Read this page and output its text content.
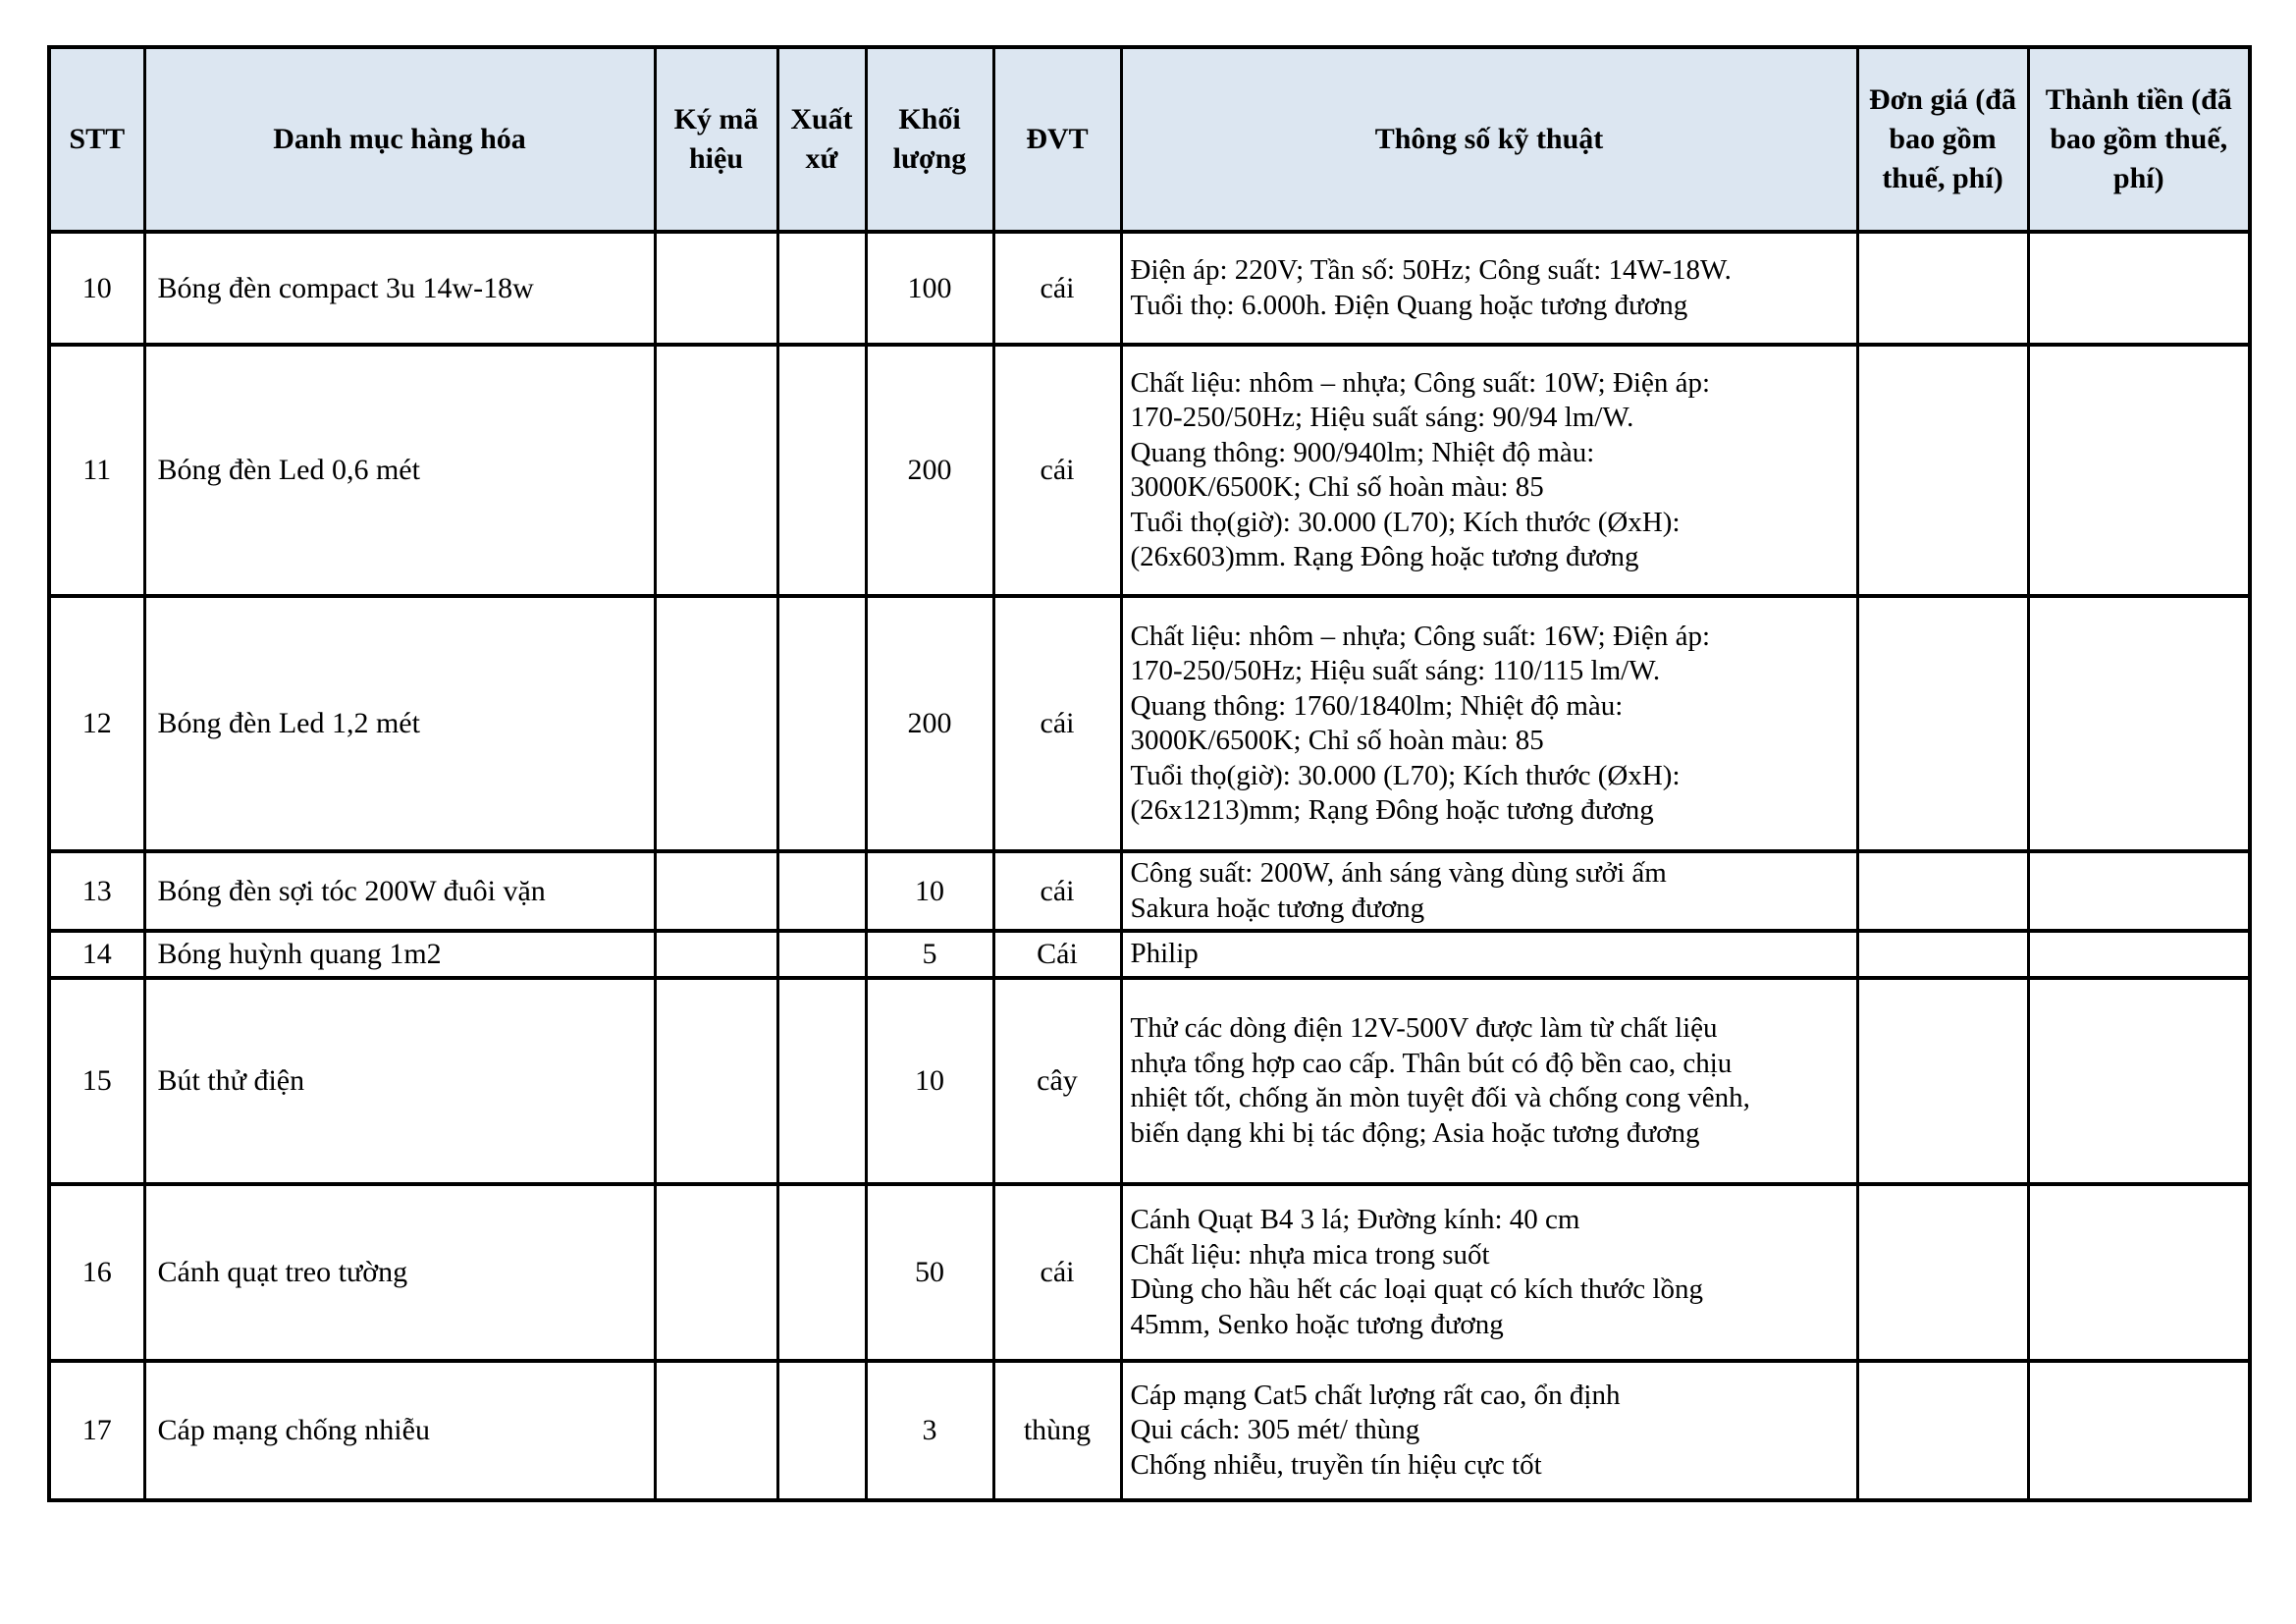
STT	Danh mục hàng hóa	Ký mã hiệu	Xuất xứ	Khối lượng	ĐVT	Thông số kỹ thuật	Đơn giá (đã bao gồm thuế, phí)	Thành tiền (đã bao gồm thuế, phí)
10	Bóng đèn compact 3u 14w-18w			100	cái	Điện áp: 220V; Tần số: 50Hz; Công suất: 14W-18W.
Tuổi thọ: 6.000h. Điện Quang hoặc tương đương		

11	Bóng đèn Led 0,6 mét			200	cái	
Chất liệu: nhôm – nhựa; Công suất: 10W; Điện áp:
170-250/50Hz; Hiệu suất sáng: 90/94 lm/W.
Quang thông: 900/940lm; Nhiệt độ màu:
3000K/6500K; Chỉ số hoàn màu: 85
Tuổi thọ(giờ): 30.000 (L70); Kích thước (ØxH):
(26x603)mm. Rạng Đông hoặc tương đương

12	Bóng đèn Led 1,2 mét			200	cái	
Chất liệu: nhôm – nhựa; Công suất: 16W; Điện áp:
170-250/50Hz; Hiệu suất sáng: 110/115 lm/W.
Quang thông: 1760/1840lm; Nhiệt độ màu:
3000K/6500K; Chỉ số hoàn màu: 85
Tuổi thọ(giờ): 30.000 (L70); Kích thước (ØxH):
(26x1213)mm; Rạng Đông hoặc tương đương

13	Bóng đèn sợi tóc 200W đuôi vặn			10	cái	Công suất: 200W, ánh sáng vàng dùng sưởi ấm
Sakura hoặc tương đương		

14	Bóng huỳnh quang 1m2			5	Cái	Philip		

15	Bút thử điện			10	cây	Thử các dòng điện 12V-500V được làm từ chất liệu
nhựa tổng hợp cao cấp. Thân bút có độ bền cao, chịu
nhiệt tốt, chống ăn mòn tuyệt đối và chống cong vênh,
biến dạng khi bị tác động; Asia hoặc tương đương		

16	Cánh quạt treo tường			50	cái	Cánh Quạt B4 3 lá; Đường kính: 40 cm
Chất liệu: nhựa mica trong suốt
Dùng cho hầu hết các loại quạt có kích thước lồng
45mm, Senko hoặc tương đương		

17	Cáp mạng chống nhiễu			3	thùng	Cáp mạng Cat5 chất lượng rất cao, ổn định
Qui cách: 305 mét/ thùng
Chống nhiễu, truyền tín hiệu cực tốt		
